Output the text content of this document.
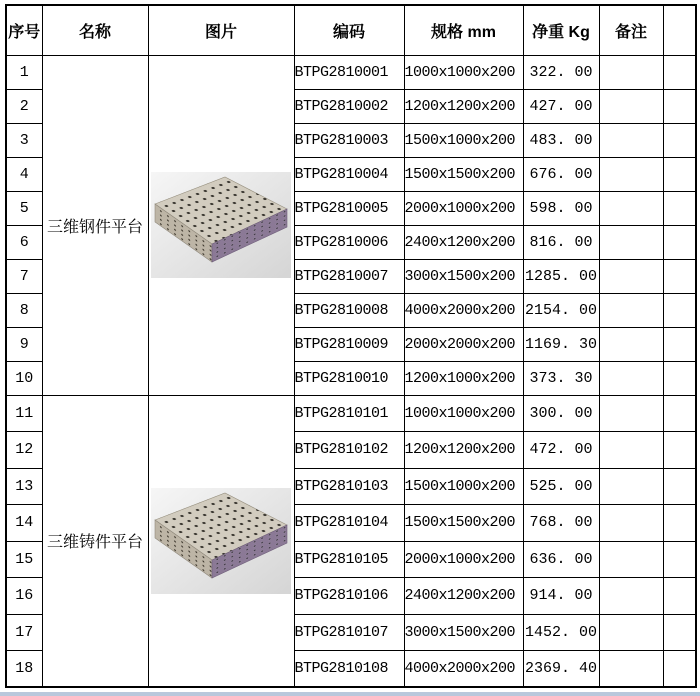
序号	名称	图片	编码	规格 mm	净重 Kg	备注	
1	三维钢件平台		BTPG2810001	1000x1000x200	322. 00		
2			BTPG2810002	1200x1200x200	427. 00		
3			BTPG2810003	1500x1000x200	483. 00		
4			BTPG2810004	1500x1500x200	676. 00		
5			BTPG2810005	2000x1000x200	598. 00		
6			BTPG2810006	2400x1200x200	816. 00		
7			BTPG2810007	3000x1500x200	1285. 00		
8			BTPG2810008	4000x2000x200	2154. 00		
9			BTPG2810009	2000x2000x200	1169. 30		
10			BTPG2810010	1200x1000x200	373. 30		
11	三维铸件平台		BTPG2810101	1000x1000x200	300. 00		
12			BTPG2810102	1200x1200x200	472. 00		
13			BTPG2810103	1500x1000x200	525. 00		
14			BTPG2810104	1500x1500x200	768. 00		
15			BTPG2810105	2000x1000x200	636. 00		
16			BTPG2810106	2400x1200x200	914. 00		
17			BTPG2810107	3000x1500x200	1452. 00		
18			BTPG2810108	4000x2000x200	2369. 40		
